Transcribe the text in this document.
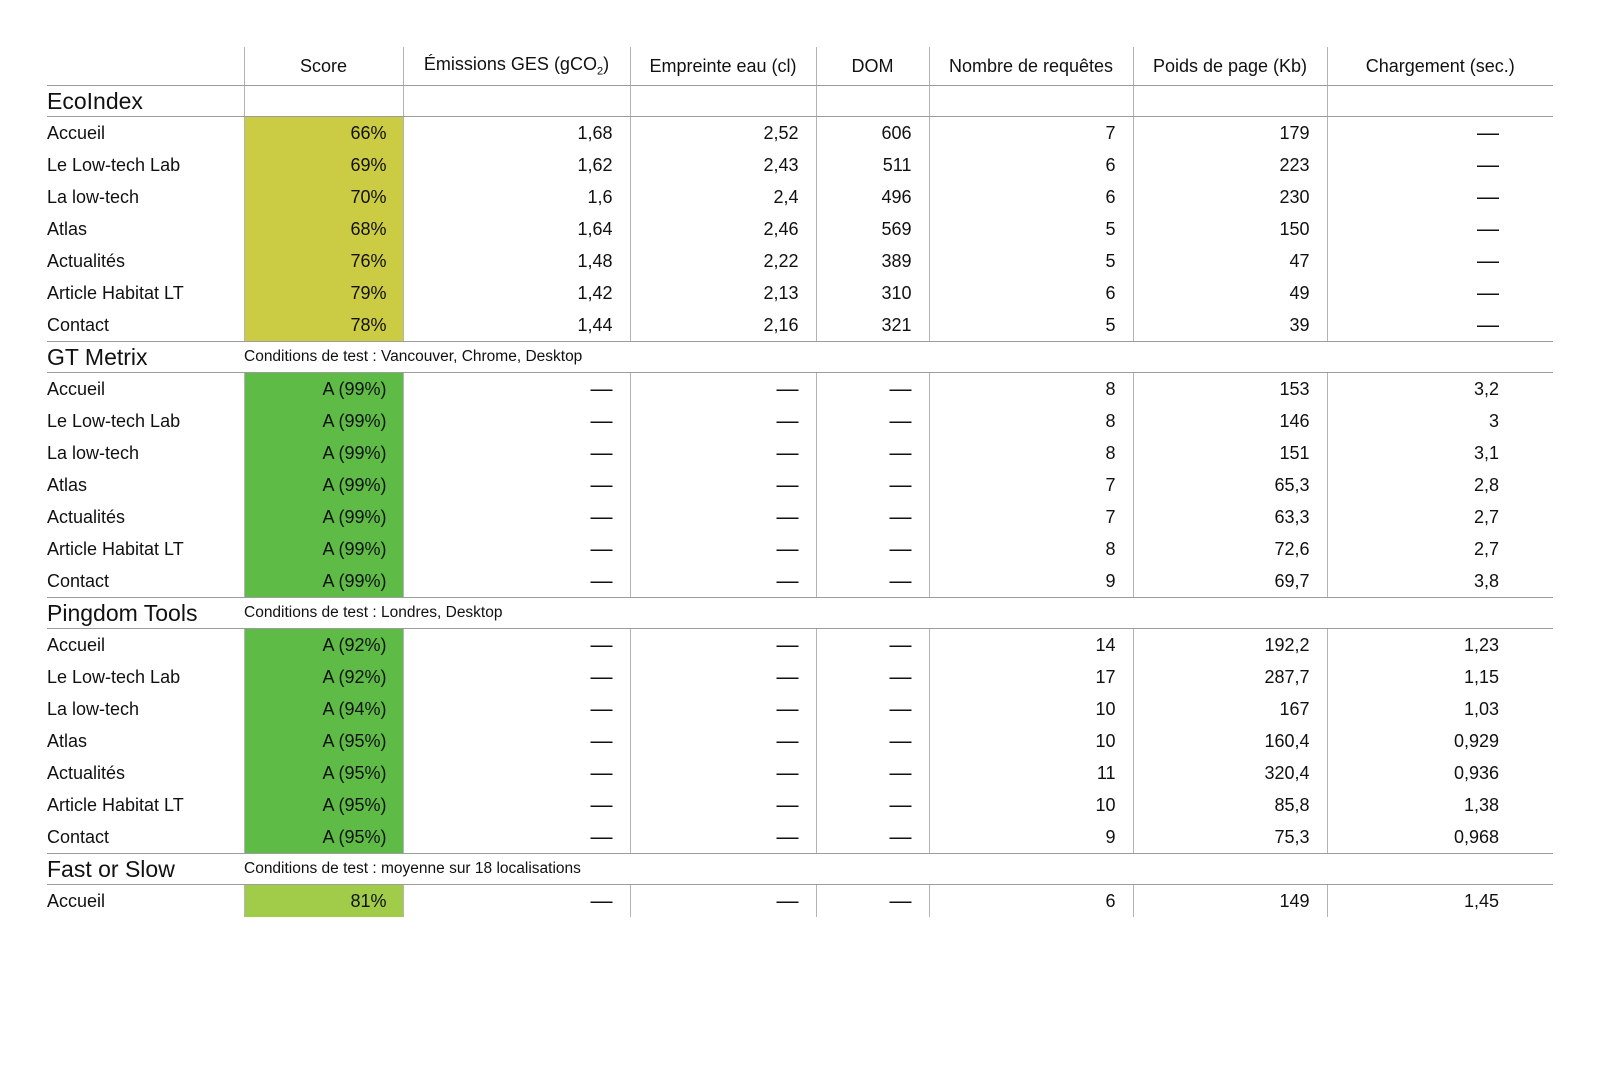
	Score	Émissions GES (gCO$_2$)	Empreinte eau (cl)	DOM	Nombre de requêtes	Poids de page (Kb)	Chargement (sec.)
EcoIndex							
Accueil	66%	1,68	2,52	606	7	179	—
Le Low-tech Lab	69%	1,62	2,43	511	6	223	—
La low-tech	70%	1,6	2,4	496	6	230	—
Atlas	68%	1,64	2,46	569	5	150	—
Actualités	76%	1,48	2,22	389	5	47	—
Article Habitat LT	79%	1,42	2,13	310	6	49	—
Contact	78%	1,44	2,16	321	5	39	—
GT Metrix	Conditions de test : Vancouver, Chrome, Desktop						
Accueil	A (99%)	—	—	—	8	153	3,2
Le Low-tech Lab	A (99%)	—	—	—	8	146	3
La low-tech	A (99%)	—	—	—	8	151	3,1
Atlas	A (99%)	—	—	—	7	65,3	2,8
Actualités	A (99%)	—	—	—	7	63,3	2,7
Article Habitat LT	A (99%)	—	—	—	8	72,6	2,7
Contact	A (99%)	—	—	—	9	69,7	3,8
Pingdom Tools	Conditions de test : Londres, Desktop						
Accueil	A (92%)	—	—	—	14	192,2	1,23
Le Low-tech Lab	A (92%)	—	—	—	17	287,7	1,15
La low-tech	A (94%)	—	—	—	10	167	1,03
Atlas	A (95%)	—	—	—	10	160,4	0,929
Actualités	A (95%)	—	—	—	11	320,4	0,936
Article Habitat LT	A (95%)	—	—	—	10	85,8	1,38
Contact	A (95%)	—	—	—	9	75,3	0,968
Fast or Slow	Conditions de test : moyenne sur 18 localisations						
Accueil	81%	—	—	—	6	149	1,45
